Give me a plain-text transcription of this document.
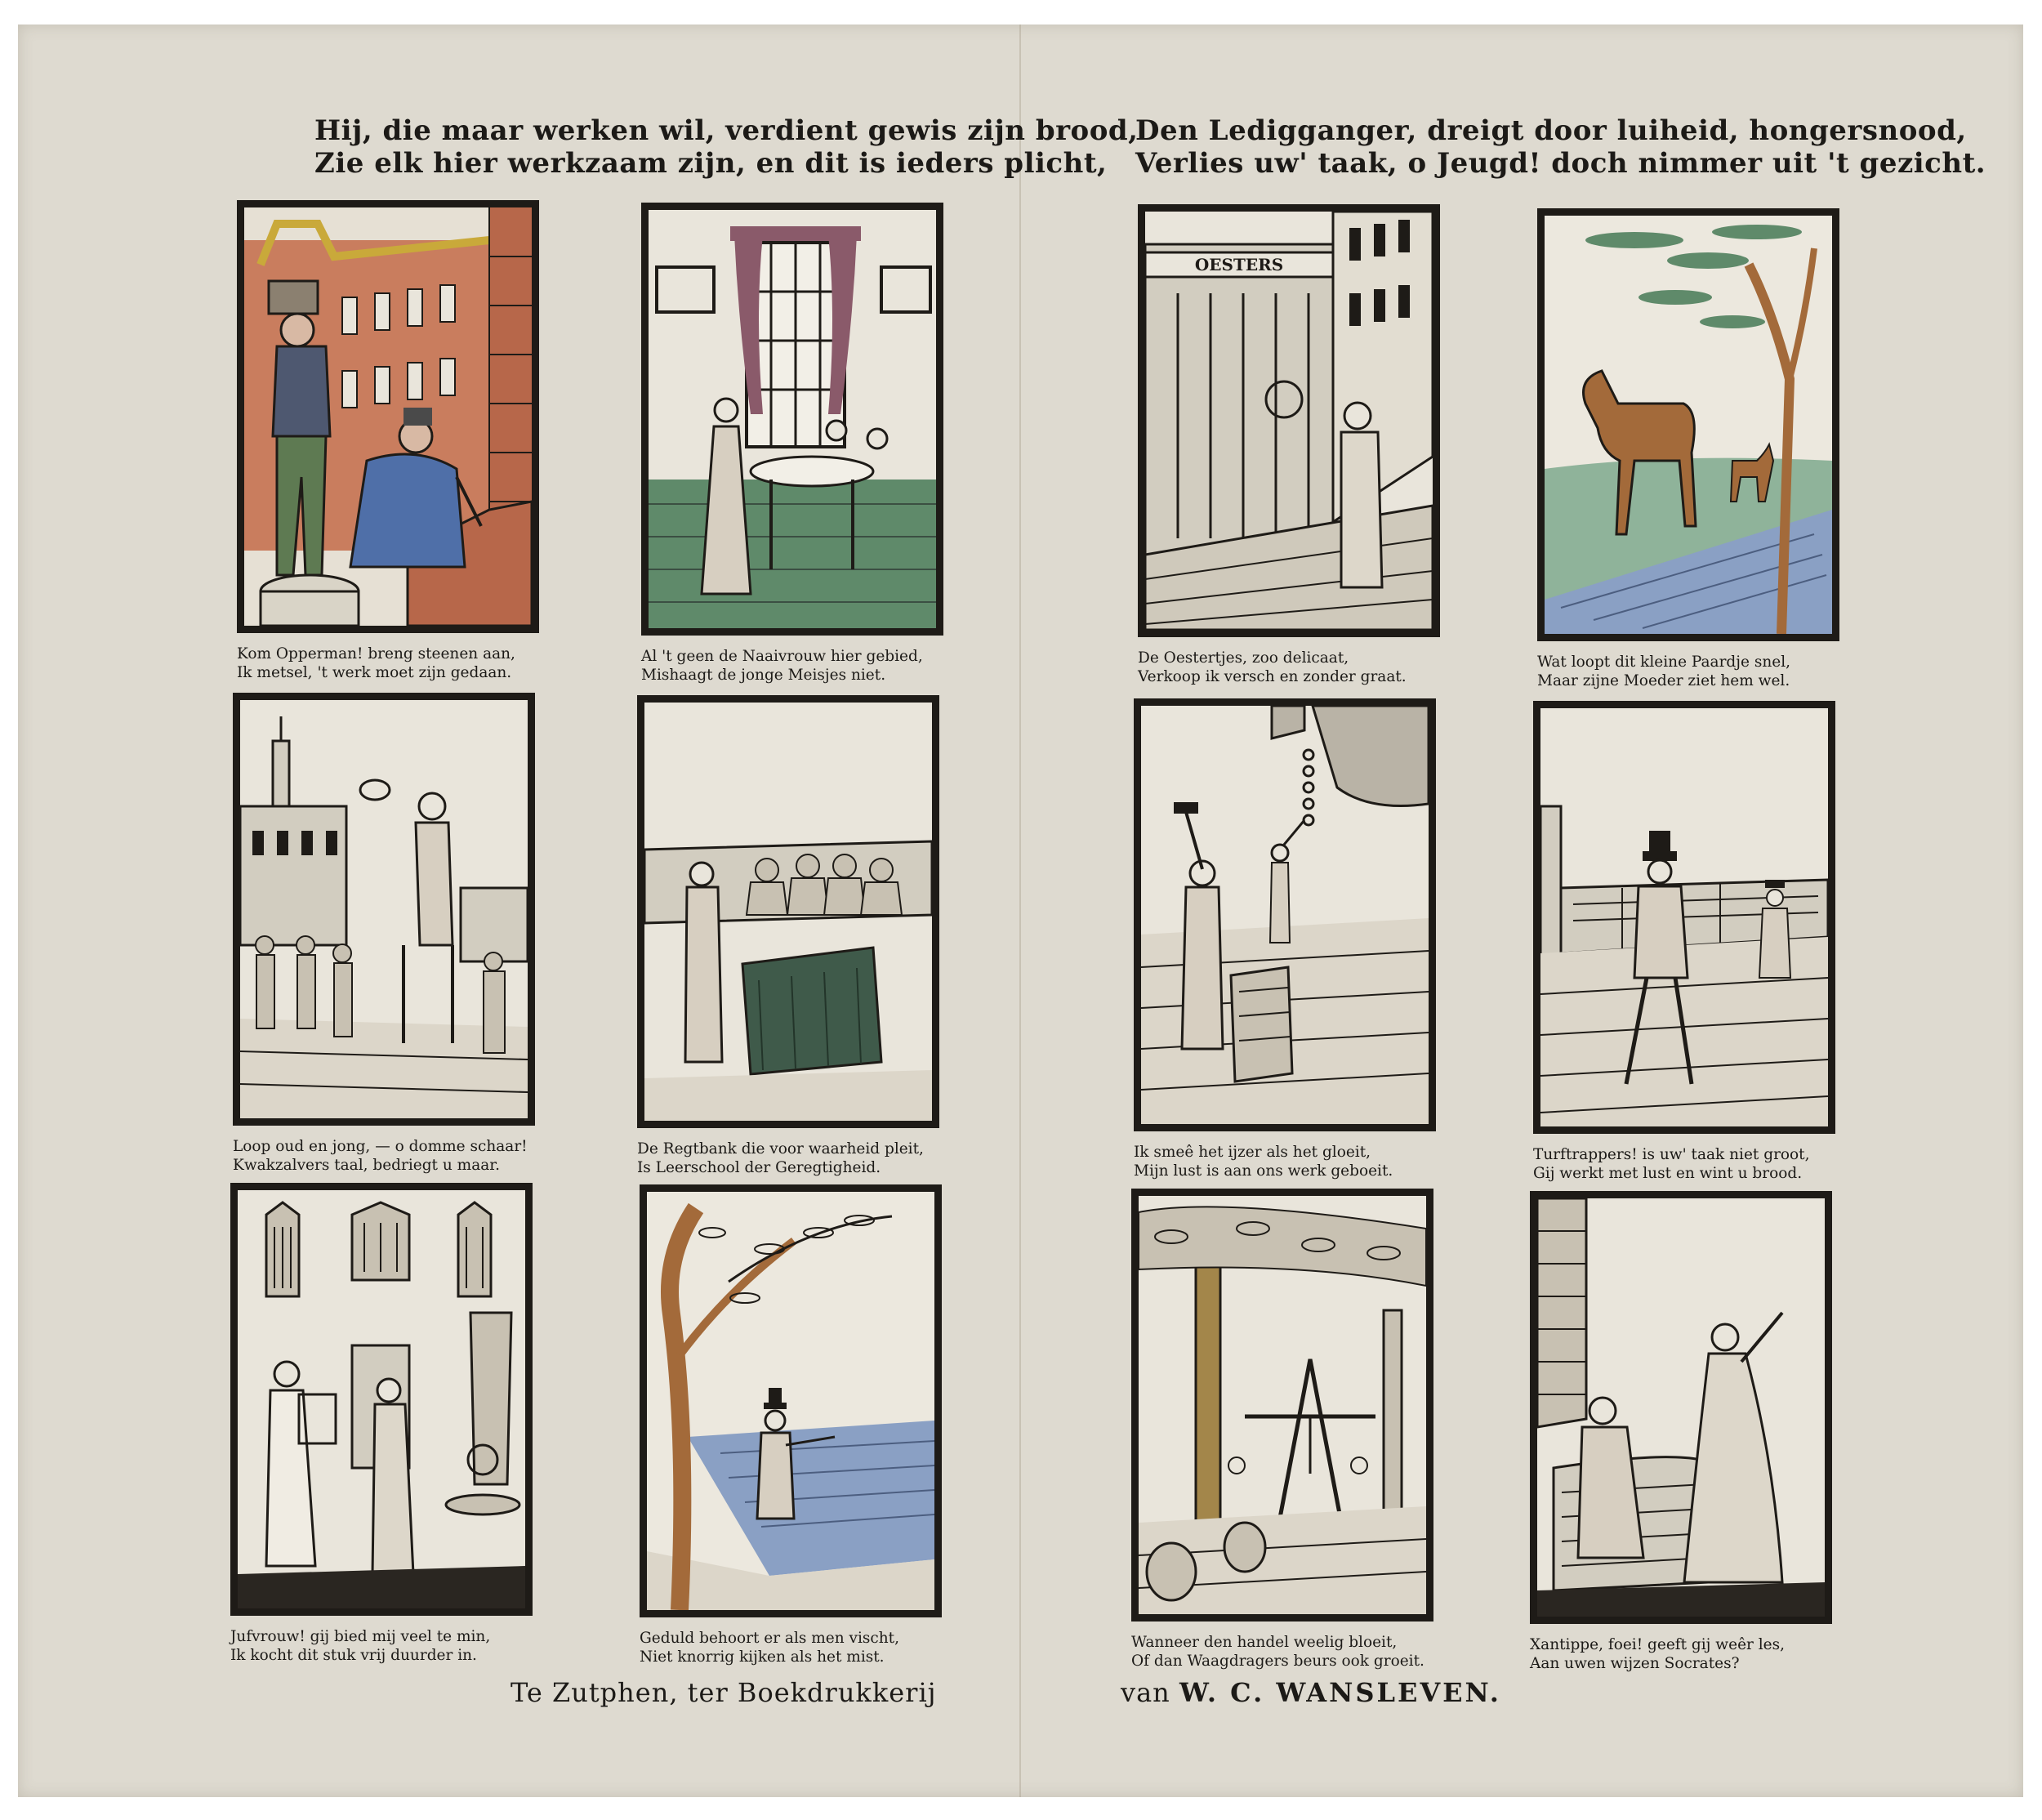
Hij, die maar werken wil, verdient gewis zijn brood,
Zie elk hier werkzaam zijn, en dit is ieders plicht,
Den Ledigganger, dreigt door luiheid, hongersnood,
Verlies uw' taak, o Jeugd! doch nimmer uit 't gezicht.
Kom Opperman! breng steenen aan,
Ik metsel, 't werk moet zijn gedaan.
Al 't geen de Naaivrouw hier gebied,
Mishaagt de jonge Meisjes niet.
OESTERS
De Oestertjes, zoo delicaat,
Verkoop ik versch en zonder graat.
Wat loopt dit kleine Paardje snel,
Maar zijne Moeder ziet hem wel.
Loop oud en jong, — o domme schaar!
Kwakzalvers taal, bedriegt u maar.
De Regtbank die voor waarheid pleit,
Is Leerschool der Geregtigheid.
Ik smeê het ijzer als het gloeit,
Mijn lust is aan ons werk geboeit.
Turftrappers! is uw' taak niet groot,
Gij werkt met lust en wint u brood.
Jufvrouw! gij bied mij veel te min,
Ik kocht dit stuk vrij duurder in.
Geduld behoort er als men vischt,
Niet knorrig kijken als het mist.
Wanneer den handel weelig bloeit,
Of dan Waagdragers beurs ook groeit.
Xantippe, foei! geeft gij weêr les,
Aan uwen wijzen Socrates?
Te Zutphen, ter Boekdrukkerij	van W. C. WANSLEVEN.
